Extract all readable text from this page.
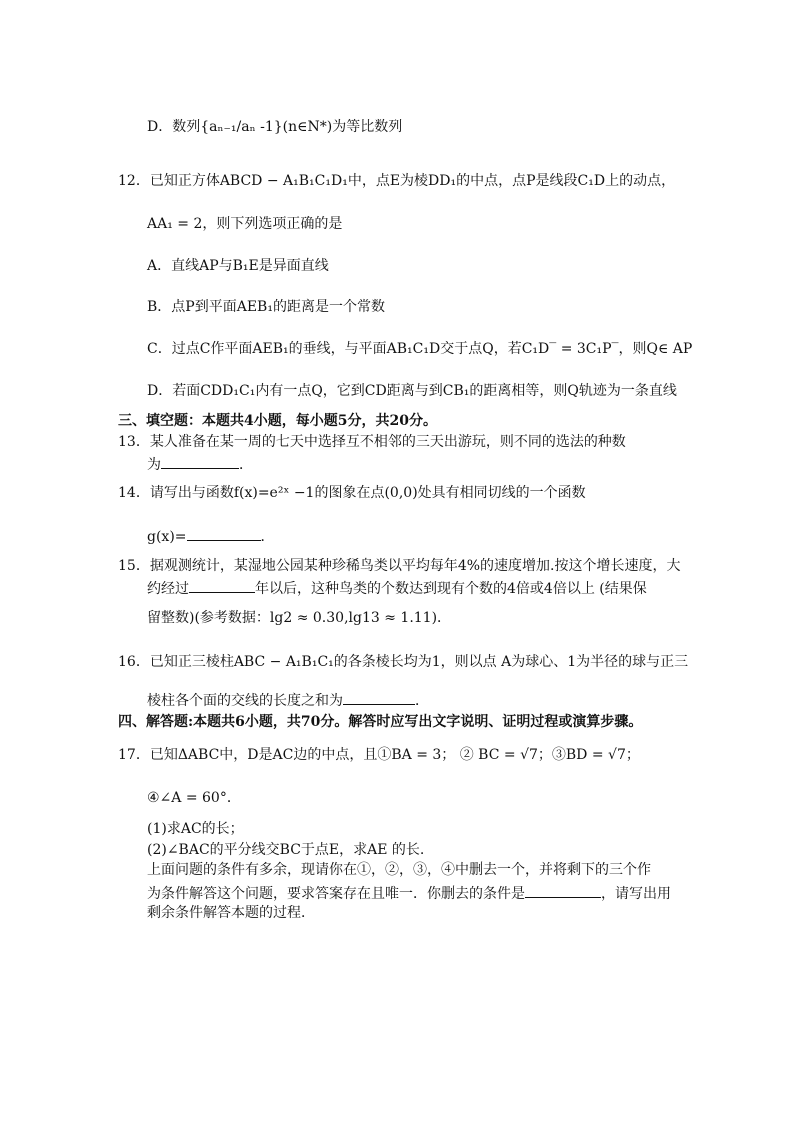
D．数列{aₙ₋₁/aₙ -1}(n∈N*)为等比数列
12．已知正方体ABCD − A₁B₁C₁D₁中，点E为棱DD₁的中点，点P是线段C₁D上的动点，
AA₁ = 2，则下列选项正确的是
A．直线AP与B₁E是异面直线
B．点P到平面AEB₁的距离是一个常数
C．过点C作平面AEB₁的垂线，与平面AB₁C₁D交于点Q，若C₁D‾ = 3C₁P‾，则Q∈ AP
D．若面CDD₁C₁内有一点Q，它到CD距离与到CB₁的距离相等，则Q轨迹为一条直线
三、填空题：本题共4小题，每小题5分，共20分。
13．某人准备在某一周的七天中选择互不相邻的三天出游玩，则不同的选法的种数
为	．
14．请写出与函数f(x)=e²ˣ −1的图象在点(0,0)处具有相同切线的一个函数
g(x)=	．
15．据观测统计，某湿地公园某种珍稀鸟类以平均每年4%的速度增加.按这个增长速度，大
约经过	年以后，这种鸟类的个数达到现有个数的4倍或4倍以上 (结果保
留整数)(参考数据：lg2 ≈ 0.30,lg13 ≈ 1.11)．
16．已知正三棱柱ABC − A₁B₁C₁的各条棱长均为1，则以点 A为球心、1为半径的球与正三
棱柱各个面的交线的长度之和为	．
四、解答题:本题共6小题，共70分。解答时应写出文字说明、证明过程或演算步骤。
17．已知ΔABC中，D是AC边的中点，且①BA = 3； ② BC = √7；③BD = √7；
④∠A = 60°．
(1)求AC的长；
(2)∠BAC的平分线交BC于点E，求AE 的长.
上面问题的条件有多余，现请你在①，②，③，④中删去一个，并将剩下的三个作
为条件解答这个问题，要求答案存在且唯一．你删去的条件是	，请写出用
剩余条件解答本题的过程．
